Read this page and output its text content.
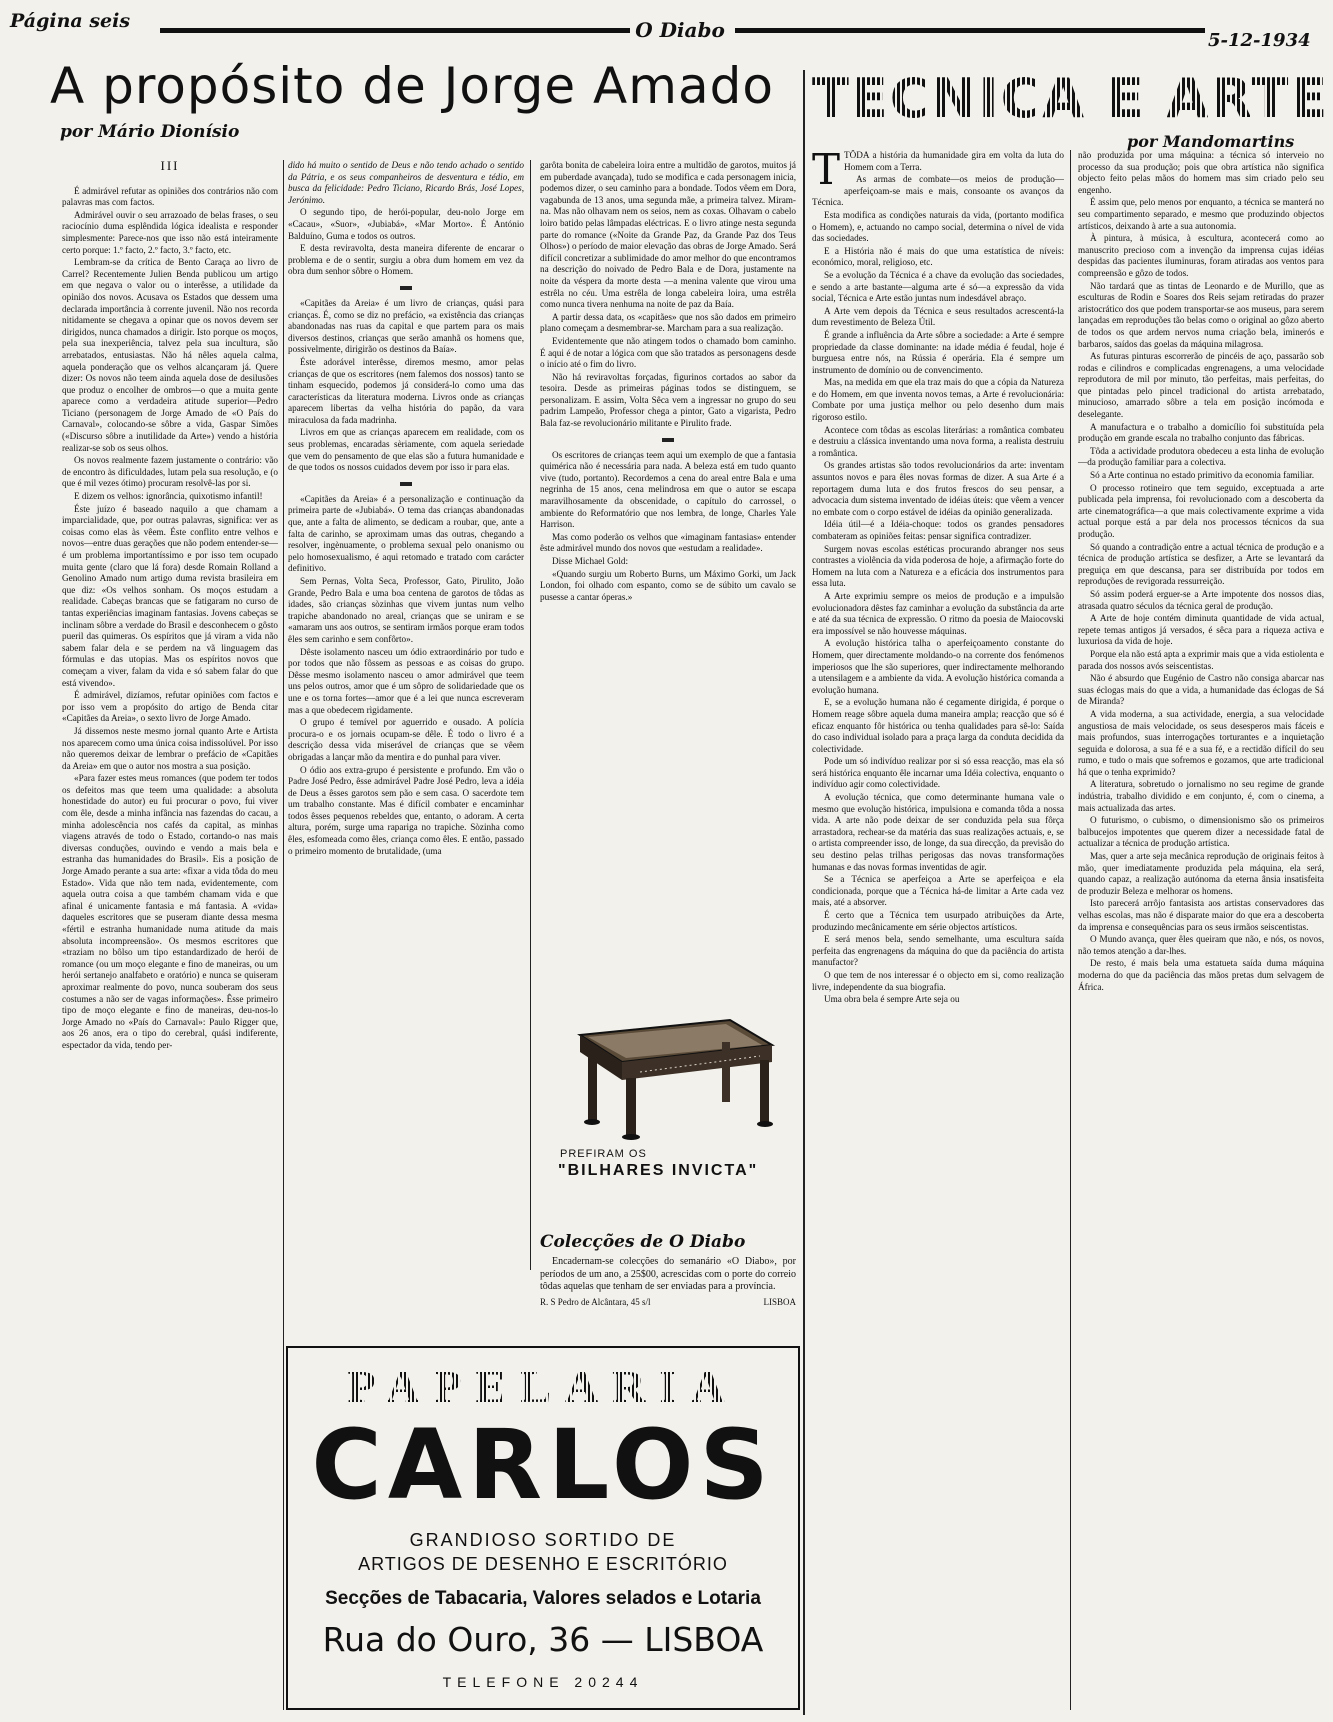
Página seis	O Diabo	5-12-1934
A propósito de Jorge Amado
por Mário Dionísio
TECNICA E ARTE
por Mandomartins
III

É admirável refutar as opiniões dos contrários não com palavras mas com factos.

Admirável ouvir o seu arrazoado de belas frases, o seu raciocínio duma esplêndida lógica idealista e responder simplesmente: Parece-nos que isso não está inteiramente certo porque: 1.º facto, 2.º facto, 3.º facto, etc.

Lembram-se da crítica de Bento Caraça ao livro de Carrel? Recentemente Julien Benda publicou um artigo em que negava o valor ou o interêsse, a utilidade da opinião dos novos. Acusava os Estados que dessem uma declarada importância à corrente juvenil. Não nos recorda nitidamente se chegava a opinar que os novos devem ser dirigidos, nunca chamados a dirigir. Isto porque os moços, pela sua inexperiência, talvez pela sua incultura, são arrebatados, entusiastas. Não há nêles aquela calma, aquela ponderação que os velhos alcançaram já. Quere dizer: Os novos não teem ainda aquela dose de desilusões que produz o encolher de ombros—o que a muita gente aparece como a verdadeira atitude superior—Pedro Ticiano (personagem de Jorge Amado de «O País do Carnaval», colocando-se sôbre a vida, Gaspar Simões («Discurso sôbre a inutilidade da Arte») vendo a história realizar-se sob os seus olhos.

Os novos realmente fazem justamente o contrário: vão de encontro às dificuldades, lutam pela sua resolução, e (o que é mil vezes ótimo) procuram resolvê-las por si.

E dizem os velhos: ignorância, quixotismo infantil!

Éste juízo é baseado naquilo a que chamam a imparcialidade, que, por outras palavras, significa: ver as coisas como elas às vêem. Éste conflito entre velhos e novos—entre duas gerações que não podem entender-se—é um problema importantíssimo e por isso tem ocupado muita gente (claro que lá fora) desde Romain Rolland a Genolino Amado num artigo duma revista brasileira em que diz: «Os velhos sonham. Os moços estudam a realidade. Cabeças brancas que se fatigaram no curso de tantas experiências imaginam fantasias. Jovens cabeças se inclinam sôbre a verdade do Brasil e desconhecem o gôsto pueril das quimeras. Os espíritos que já viram a vida não sabem falar dela e se perdem na vã linguagem das fórmulas e das utopias. Mas os espíritos novos que começam a viver, falam da vida e só sabem falar do que está vivendo».

É admirável, dizíamos, refutar opiniões com factos e por isso vem a propósito do artigo de Benda citar «Capitães da Areia», o sexto livro de Jorge Amado.

Já dissemos neste mesmo jornal quanto Arte e Artista nos aparecem como uma única coisa indissolúvel. Por isso não queremos deixar de lembrar o prefácio de «Capitães da Areia» em que o autor nos mostra a sua posição.

«Para fazer estes meus romances (que podem ter todos os defeitos mas que teem uma qualidade: a absoluta honestidade do autor) eu fui procurar o povo, fui viver com êle, desde a minha infância nas fazendas do cacau, a minha adolescência nos cafés da capital, as minhas viagens através de todo o Estado, cortando-o nas mais diversas conduções, ouvindo e vendo a mais bela e estranha das humanidades do Brasil». Eis a posição de Jorge Amado perante a sua arte: «fixar a vida tôda do meu Estado». Vida que não tem nada, evidentemente, com aquela outra coisa a que também chamam vida e que afinal é unicamente fantasia e má fantasia. A «vida» daqueles escritores que se puseram diante dessa mesma «fértil e estranha humanidade numa atitude da mais absoluta incompreensão». Os mesmos escritores que «traziam no bôlso um tipo estandardizado de herói de romance (ou um moço elegante e fino de maneiras, ou um herói sertanejo analfabeto e oratório) e nunca se quiseram aproximar realmente do povo, nunca souberam dos seus costumes a não ser de vagas informações». Êsse primeiro tipo de moço elegante e fino de maneiras, deu-nos-lo Jorge Amado no «País do Carnaval»: Paulo Rigger que, aos 26 anos, era o tipo do cerebral, quási indiferente, espectador da vida, tendo per-

dido há muito o sentido de Deus e não tendo achado o sentido da Pátria, e os seus companheiros de desventura e tédio, em busca da felicidade: Pedro Ticiano, Ricardo Brás, José Lopes, Jerónimo.

O segundo tipo, de herói-popular, deu-nolo Jorge em «Cacau», «Suor», «Jubiabá», «Mar Morto». É António Balduíno, Guma e todos os outros.

E desta reviravolta, desta maneira diferente de encarar o problema e de o sentir, surgiu a obra dum homem em vez da obra dum senhor sôbre o Homem.

«Capitães da Areia» é um livro de crianças, quási para crianças. É, como se diz no prefácio, «a existência das crianças abandonadas nas ruas da capital e que partem para os mais diversos destinos, crianças que serão amanhã os homens que, possivelmente, dirigirão os destinos da Baía».

Éste adorável interêsse, diremos mesmo, amor pelas crianças de que os escritores (nem falemos dos nossos) tanto se tinham esquecido, podemos já considerá-lo como uma das características da literatura moderna. Livros onde as crianças aparecem libertas da velha história do papão, da vara miraculosa da fada madrinha.

Livros em que as crianças aparecem em realidade, com os seus problemas, encaradas sèriamente, com aquela seriedade que vem do pensamento de que elas são a futura humanidade e de que todos os nossos cuidados devem por isso ir para elas.

«Capitães da Areia» é a personalização e continuação da primeira parte de «Jubiabá». O tema das crianças abandonadas que, ante a falta de alimento, se dedicam a roubar, que, ante a falta de carinho, se aproximam umas das outras, chegando a resolver, ingènuamente, o problema sexual pelo onanismo ou pelo homosexualismo, é aqui retomado e tratado com carácter definitivo.

Sem Pernas, Volta Seca, Professor, Gato, Pirulito, João Grande, Pedro Bala e uma boa centena de garotos de tôdas as idades, são crianças sòzinhas que vivem juntas num velho trapiche abandonado no areal, crianças que se uniram e se «amaram uns aos outros, se sentiram irmãos porque eram todos êles sem carinho e sem confôrto».

Dêste isolamento nasceu um ódio extraordinário por tudo e por todos que não fôssem as pessoas e as coisas do grupo. Dêsse mesmo isolamento nasceu o amor admirável que teem uns pelos outros, amor que é um sôpro de solidariedade que os une e os torna fortes—amor que é a lei que nunca escreveram mas a que obedecem rìgidamente.

O grupo é temível por aguerrido e ousado. A polícia procura-o e os jornais ocupam-se dêle. É todo o livro é a descrição dessa vida miserável de crianças que se vêem obrigadas a lançar mão da mentira e do punhal para viver.

O ódio aos extra-grupo é persistente e profundo. Em vão o Padre José Pedro, êsse admirável Padre José Pedro, leva a idéia de Deus a êsses garotos sem pão e sem casa. O sacerdote tem um trabalho constante. Mas é difícil combater e encaminhar todos êsses pequenos rebeldes que, entanto, o adoram. A certa altura, porém, surge uma rapariga no trapiche. Sòzinha como êles, esfomeada como êles, criança como êles. E então, passado o primeiro momento de brutalidade, (uma

garôta bonita de cabeleira loira entre a multidão de garotos, muitos já em puberdade avançada), tudo se modifica e cada personagem inicia, podemos dizer, o seu caminho para a bondade. Todos vêem em Dora, vagabunda de 13 anos, uma segunda mãe, a primeira talvez. Miram-na. Mas não olhavam nem os seios, nem as coxas. Olhavam o cabelo loiro batido pelas lâmpadas eléctricas. E o livro atinge nesta segunda parte do romance («Noite da Grande Paz, da Grande Paz dos Teus Olhos») o período de maior elevação das obras de Jorge Amado. Será difícil concretizar a sublimidade do amor melhor do que encontramos na descrição do noivado de Pedro Bala e de Dora, justamente na noite da véspera da morte desta —a menina valente que virou uma estrêla no céu. Uma estrêla de longa cabeleira loira, uma estrêla como nunca tivera nenhuma na noite de paz da Baía.

A partir dessa data, os «capitães» que nos são dados em primeiro plano começam a desmembrar-se. Marcham para a sua realização.

Evidentemente que não atingem todos o chamado bom caminho. É aqui é de notar a lógica com que são tratados as personagens desde o início até o fim do livro.

Não há reviravoltas forçadas, figurinos cortados ao sabor da tesoira. Desde as primeiras páginas todos se distinguem, se personalizam. E assim, Volta Sêca vem a ingressar no grupo do seu padrim Lampeão, Professor chega a pintor, Gato a vigarista, Pedro Bala faz-se revolucionário militante e Pirulito frade.

Os escritores de crianças teem aqui um exemplo de que a fantasia quimérica não é necessária para nada. A beleza está em tudo quanto vive (tudo, portanto). Recordemos a cena do areal entre Bala e uma negrinha de 15 anos, cena melindrosa em que o autor se escapa maravilhosamente da obscenidade, o capítulo do carrossel, o ambiente do Reformatório que nos lembra, de longe, Charles Yale Harrison.

Mas como poderão os velhos que «imaginam fantasias» entender êste admirável mundo dos novos que «estudam a realidade».

Disse Michael Gold:

«Quando surgiu um Roberto Burns, um Máximo Gorki, um Jack London, foi olhado com espanto, como se de súbito um cavalo se pusesse a cantar óperas.»

PREFIRAM OS
"BILHARES INVICTA"
Colecções de O Diabo
Encadernam-se colecções do semanário «O Diabo», por períodos de um ano, a 25$00, acrescidas com o porte do correio tôdas aquelas que tenham de ser enviadas para a província.
R. S Pedro de Alcântara, 45 s/l	LISBOA
PAPELARIA
CARLOS
GRANDIOSO SORTIDO DE
ARTIGOS DE DESENHO E ESCRITÓRIO
Secções de Tabacaria, Valores selados e Lotaria
Rua do Ouro, 36 — LISBOA
TELEFONE 20244

TTÔDA a história da humanidade gira em volta da luta do Homem com a Terra.

As armas de combate—os meios de produção—aperfeiçoam-se mais e mais, consoante os avanços da Técnica.

Esta modifica as condições naturais da vida, (portanto modifica o Homem), e, actuando no campo social, determina o nível de vida das sociedades.

E a História não é mais do que uma estatística de níveis: económico, moral, religioso, etc.

Se a evolução da Técnica é a chave da evolução das sociedades, e sendo a arte bastante—alguma arte é só—a expressão da vida social, Técnica e Arte estão juntas num indesdável abraço.

A Arte vem depois da Técnica e seus resultados acrescentá-la dum revestimento de Beleza Útil.

É grande a influência da Arte sôbre a sociedade: a Arte é sempre propriedade da classe dominante: na idade média é feudal, hoje é burguesa entre nós, na Rússia é operária. Ela é sempre um instrumento de domínio ou de convencimento.

Mas, na medida em que ela traz mais do que a cópia da Natureza e do Homem, em que inventa novos temas, a Arte é revolucionária: Combate por uma justiça melhor ou pelo desenho dum mais rigoroso estilo.

Acontece com tôdas as escolas literárias: a romântica combateu e destruiu a clássica inventando uma nova forma, a realista destruiu a romântica.

Os grandes artistas são todos revolucionários da arte: inventam assuntos novos e para êles novas formas de dizer. A sua Arte é a reportagem duma luta e dos frutos frescos do seu pensar, a advocacia dum sistema inventado de idéias úteis: que vêem a vencer no embate com o corpo estável de idéias da opinião generalizada.

Idéia útil—é a Idéia-choque: todos os grandes pensadores combateram as opiniões feitas: pensar significa contradizer.

Surgem novas escolas estéticas procurando abranger nos seus contrastes a violência da vida poderosa de hoje, a afirmação forte do Homem na luta com a Natureza e a eficácia dos instrumentos para essa luta.

A Arte exprimiu sempre os meios de produção e a impulsão evolucionadora dêstes faz caminhar a evolução da substância da arte e até da sua técnica de expressão. O ritmo da poesia de Maiocovski era impossível se não houvesse máquinas.

A evolução histórica talha o aperfeiçoamento constante do Homem, quer directamente moldando-o na corrente dos fenómenos imperiosos que lhe são superiores, quer indirectamente melhorando a utensilagem e a ambiente da vida. A evolução histórica comanda a evolução humana.

E, se a evolução humana não é cegamente dirigida, é porque o Homem reage sôbre aquela duma maneira ampla; reacção que só é eficaz enquanto fôr histórica ou tenha qualidades para sê-lo: Saída do caso individual isolado para a praça larga da conduta decidida da colectividade.

Pode um só indivíduo realizar por si só essa reacção, mas ela só será histórica enquanto êle incarnar uma Idéia colectiva, enquanto o indivíduo agir como colectividade.

A evolução técnica, que como determinante humana vale o mesmo que evolução histórica, impulsiona e comanda tôda a nossa vida. A arte não pode deixar de ser conduzida pela sua fôrça arrastadora, rechear-se da matéria das suas realizações actuais, e, se o artista compreender isso, de longe, da sua direcção, da previsão do seu destino pelas trilhas perigosas das novas transformações humanas e das novas formas inventidas de agir.

Se a Técnica se aperfeiçoa a Arte se aperfeiçoa e ela condicionada, porque que a Técnica há-de limitar a Arte cada vez mais, até a absorver.

É certo que a Técnica tem usurpado atribuições da Arte, produzindo mecânicamente em série objectos artísticos.

E será menos bela, sendo semelhante, uma escultura saída perfeita das engrenagens da máquina do que da paciência do artista manufactor?

O que tem de nos interessar é o objecto em si, como realização livre, independente da sua biografia.

Uma obra bela é sempre Arte seja ou

não produzida por uma máquina: a técnica só interveio no processo da sua produção; pois que obra artística não significa objecto feito pelas mãos do homem mas sim criado pelo seu engenho.

É assim que, pelo menos por enquanto, a técnica se manterá no seu compartimento separado, e mesmo que produzindo objectos artísticos, deixando à arte a sua autonomia.

À pintura, à música, à escultura, acontecerá como ao manuscrito precioso com a invenção da imprensa cujas idéias despidas das pacientes iluminuras, foram atiradas aos ventos para compreensão e gôzo de todos.

Não tardará que as tintas de Leonardo e de Murillo, que as esculturas de Rodin e Soares dos Reis sejam retiradas do prazer aristocrático dos que podem transportar-se aos museus, para serem lançadas em reproduções tão belas como o original ao gôzo aberto de todos os que ardem nervos numa criação bela, iminerós e barbaros, saídos das goelas da máquina milagrosa.

As futuras pinturas escorrerão de pincéis de aço, passarão sob rodas e cilindros e complicadas engrenagens, a uma velocidade reprodutora de mil por minuto, tão perfeitas, mais perfeitas, do que pintadas pelo pincel tradicional do artista arrebatado, minucioso, amarrado sôbre a tela em posição incómoda e deselegante.

A manufactura e o trabalho a domicílio foi substituída pela produção em grande escala no trabalho conjunto das fábricas.

Tôda a actividade produtora obedeceu a esta linha de evolução—da produção familiar para a colectiva.

Só a Arte continua no estado primitivo da economia familiar.

O processo rotineiro que tem seguido, exceptuada a arte publicada pela imprensa, foi revolucionado com a descoberta da arte cinematográfica—a que mais colectivamente exprime a vida actual porque está a par dela nos processos técnicos da sua produção.

Só quando a contradição entre a actual técnica de produção e a técnica de produção artística se desfizer, a Arte se levantará da preguiça em que descansa, para ser distribuída por todos em reproduções de revigorada ressurreição.

Só assim poderá erguer-se a Arte impotente dos nossos dias, atrasada quatro séculos da técnica geral de produção.

A Arte de hoje contém diminuta quantidade de vida actual, repete temas antigos já versados, é sêca para a riqueza activa e luxuriosa da vida de hoje.

Porque ela não está apta a exprimir mais que a vida estiolenta e parada dos nossos avós seiscentistas.

Não é absurdo que Eugénio de Castro não consiga abarcar nas suas éclogas mais do que a vida, a humanidade das éclogas de Sá de Miranda?

A vida moderna, a sua actividade, energia, a sua velocidade angustiosa de mais velocidade, os seus desesperos mais fáceis e mais profundos, suas interrogações torturantes e a inquietação seguida e dolorosa, a sua fé e a sua fé, e a rectidão difícil do seu rumo, e tudo o mais que sofremos e gozamos, que arte tradicional há que o tenha exprimido?

A literatura, sobretudo o jornalismo no seu regime de grande indústria, trabalho dividido e em conjunto, é, com o cinema, a mais actualizada das artes.

O futurismo, o cubismo, o dimensionismo são os primeiros balbucejos impotentes que querem dizer a necessidade fatal de actualizar a técnica de produção artística.

Mas, quer a arte seja mecânica reprodução de originais feitos à mão, quer imediatamente produzida pela máquina, ela será, quando capaz, a realização autónoma da eterna ânsia insatisfeita de produzir Beleza e melhorar os homens.

Isto parecerá arrôjo fantasista aos artistas conservadores das velhas escolas, mas não é disparate maior do que era a descoberta da imprensa e consequências para os seus irmãos seiscentistas.

O Mundo avança, quer êles queiram que não, e nós, os novos, não temos atenção a dar-lhes.

De resto, é mais bela uma estatueta saída duma máquina moderna do que da paciência das mãos pretas dum selvagem de África.
